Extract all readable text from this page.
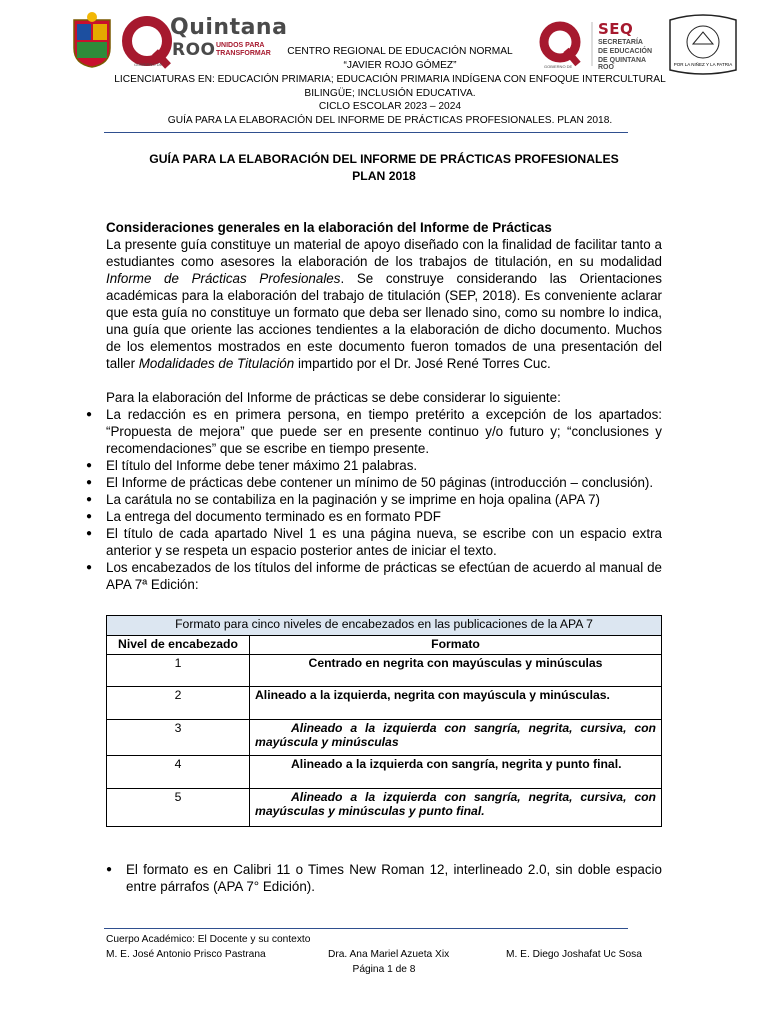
Quintana
ROO UNIDOS PARA
TRANSFORMAR
GOBIERNO DE	GOBIERNO DE
SEQ
SECRETARÍA
DE EDUCACIÓN
DE QUINTANA ROO	POR LA NIÑEZ Y LA PATRIA
CENTRO REGIONAL DE EDUCACIÓN NORMAL
“JAVIER ROJO GÓMEZ”
LICENCIATURAS EN: EDUCACIÓN PRIMARIA; EDUCACIÓN PRIMARIA INDÍGENA CON ENFOQUE INTERCULTURAL
BILINGÜE; INCLUSIÓN EDUCATIVA.
CICLO ESCOLAR 2023 – 2024
GUÍA PARA LA ELABORACIÓN DEL INFORME DE PRÁCTICAS PROFESIONALES. PLAN 2018.
GUÍA PARA LA ELABORACIÓN DEL INFORME DE PRÁCTICAS PROFESIONALES
PLAN 2018
Consideraciones generales en la elaboración del Informe de Prácticas
La presente guía constituye un material de apoyo diseñado con la finalidad de facilitar tanto a estudiantes como asesores la elaboración de los trabajos de titulación, en su modalidad Informe de Prácticas Profesionales. Se construye considerando las Orientaciones académicas para la elaboración del trabajo de titulación (SEP, 2018). Es conveniente aclarar que esta guía no constituye un formato que deba ser llenado sino, como su nombre lo indica, una guía que oriente las acciones tendientes a la elaboración de dicho documento. Muchos de los elementos mostrados en este documento fueron tomados de una presentación del taller Modalidades de Titulación impartido por el Dr. José René Torres Cuc.
Para la elaboración del Informe de prácticas se debe considerar lo siguiente:
● La redacción es en primera persona, en tiempo pretérito a excepción de los apartados: “Propuesta de mejora” que puede ser en presente continuo y/o futuro y; “conclusiones y recomendaciones” que se escribe en tiempo presente.
● El título del Informe debe tener máximo 21 palabras.
● El Informe de prácticas debe contener un mínimo de 50 páginas (introducción – conclusión).
● La carátula no se contabiliza en la paginación y se imprime en hoja opalina (APA 7)
● La entrega del documento terminado es en formato PDF
● El título de cada apartado Nivel 1 es una página nueva, se escribe con un espacio extra anterior y se respeta un espacio posterior antes de iniciar el texto.
● Los encabezados de los títulos del informe de prácticas se efectúan de acuerdo al manual de APA 7ª Edición:
Formato para cinco niveles de encabezados en las publicaciones de la APA 7	
Nivel de encabezado	Formato
1	Centrado en negrita con mayúsculas y minúsculas
2	Alineado a la izquierda, negrita con mayúscula y minúsculas.
3	Alineado a la izquierda con sangría, negrita, cursiva, con mayúscula y minúsculas
4	Alineado a la izquierda con sangría, negrita y punto final.
5	Alineado a la izquierda con sangría, negrita, cursiva, con mayúsculas y minúsculas y punto final.
● El formato es en Calibri 11 o Times New Roman 12, interlineado 2.0, sin doble espacio entre párrafos (APA 7° Edición).
Cuerpo Académico: El Docente y su contexto
M. E. José Antonio Prisco Pastrana	Dra. Ana Mariel Azueta Xix	M. E. Diego Joshafat Uc Sosa
Página 1 de 8
